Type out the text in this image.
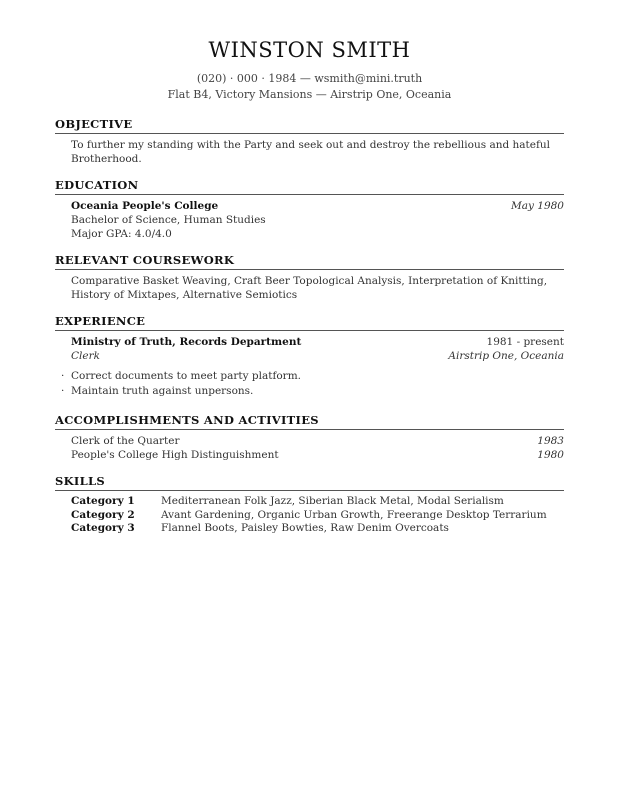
WINSTON SMITH
(020) · 000 · 1984 — wsmith@mini.truth
Flat B4, Victory Mansions — Airstrip One, Oceania
OBJECTIVE
To further my standing with the Party and seek out and destroy the rebellious and hateful Brotherhood.
EDUCATION
Oceania People's College	May 1980
Bachelor of Science, Human Studies
Major GPA: 4.0/4.0
RELEVANT COURSEWORK
Comparative Basket Weaving, Craft Beer Topological Analysis, Interpretation of Knitting, History of Mixtapes, Alternative Semiotics
EXPERIENCE
Ministry of Truth, Records Department	1981 - present
Clerk	Airstrip One, Oceania
· Correct documents to meet party platform.
· Maintain truth against unpersons.
ACCOMPLISHMENTS AND ACTIVITIES
Clerk of the Quarter	1983
People's College High Distinguishment	1980
SKILLS
Category 1	Mediterranean Folk Jazz, Siberian Black Metal, Modal Serialism
Category 2	Avant Gardening, Organic Urban Growth, Freerange Desktop Terrarium
Category 3	Flannel Boots, Paisley Bowties, Raw Denim Overcoats
